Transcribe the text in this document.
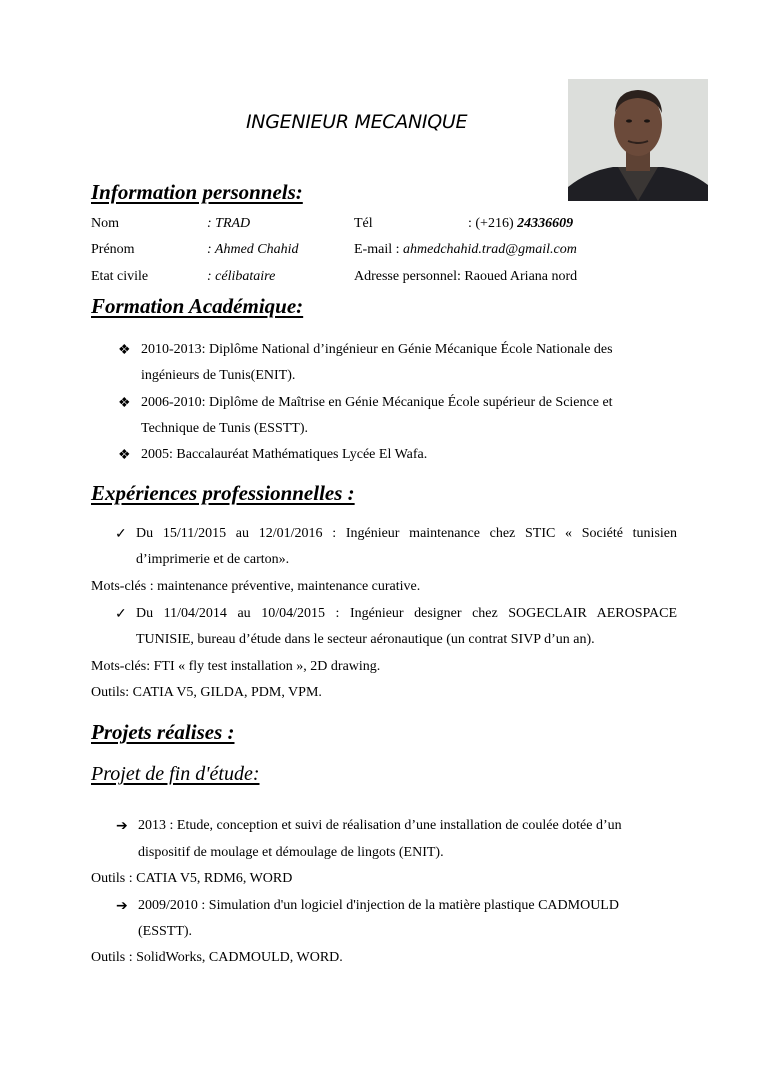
INGENIEUR MECANIQUE
Information personnels:
Nom	: TRAD	Tél	: (+216) 24336609
Prénom	: Ahmed Chahid	E-mail : ahmedchahid.trad@gmail.com
Etat civile	: célibataire	Adresse personnel: Raoued Ariana nord
Formation Académique:
❖ 2010-2013: Diplôme National d’ingénieur en Génie Mécanique École Nationale des
ingénieurs de Tunis(ENIT).
❖ 2006-2010: Diplôme de Maîtrise en Génie Mécanique École supérieur de Science et
Technique de Tunis (ESSTT).
❖ 2005: Baccalauréat Mathématiques Lycée El Wafa.
Expériences professionnelles :
✓ Du 15/11/2015 au 12/01/2016 : Ingénieur maintenance chez STIC « Société tunisien
d’imprimerie et de carton».
Mots-clés : maintenance préventive, maintenance curative.
✓ Du 11/04/2014 au 10/04/2015 : Ingénieur designer chez SOGECLAIR AEROSPACE
TUNISIE, bureau d’étude dans le secteur aéronautique (un contrat SIVP d’un an).
Mots-clés: FTI « fly test installation », 2D drawing.
Outils: CATIA V5, GILDA, PDM, VPM.
Projets réalises :
Projet de fin d'étude:
➔ 2013 : Etude, conception et suivi de réalisation d’une installation de coulée dotée d’un
dispositif de moulage et démoulage de lingots (ENIT).
Outils : CATIA V5, RDM6, WORD
➔ 2009/2010 : Simulation d'un logiciel d'injection de la matière plastique CADMOULD
(ESSTT).
Outils : SolidWorks, CADMOULD, WORD.
